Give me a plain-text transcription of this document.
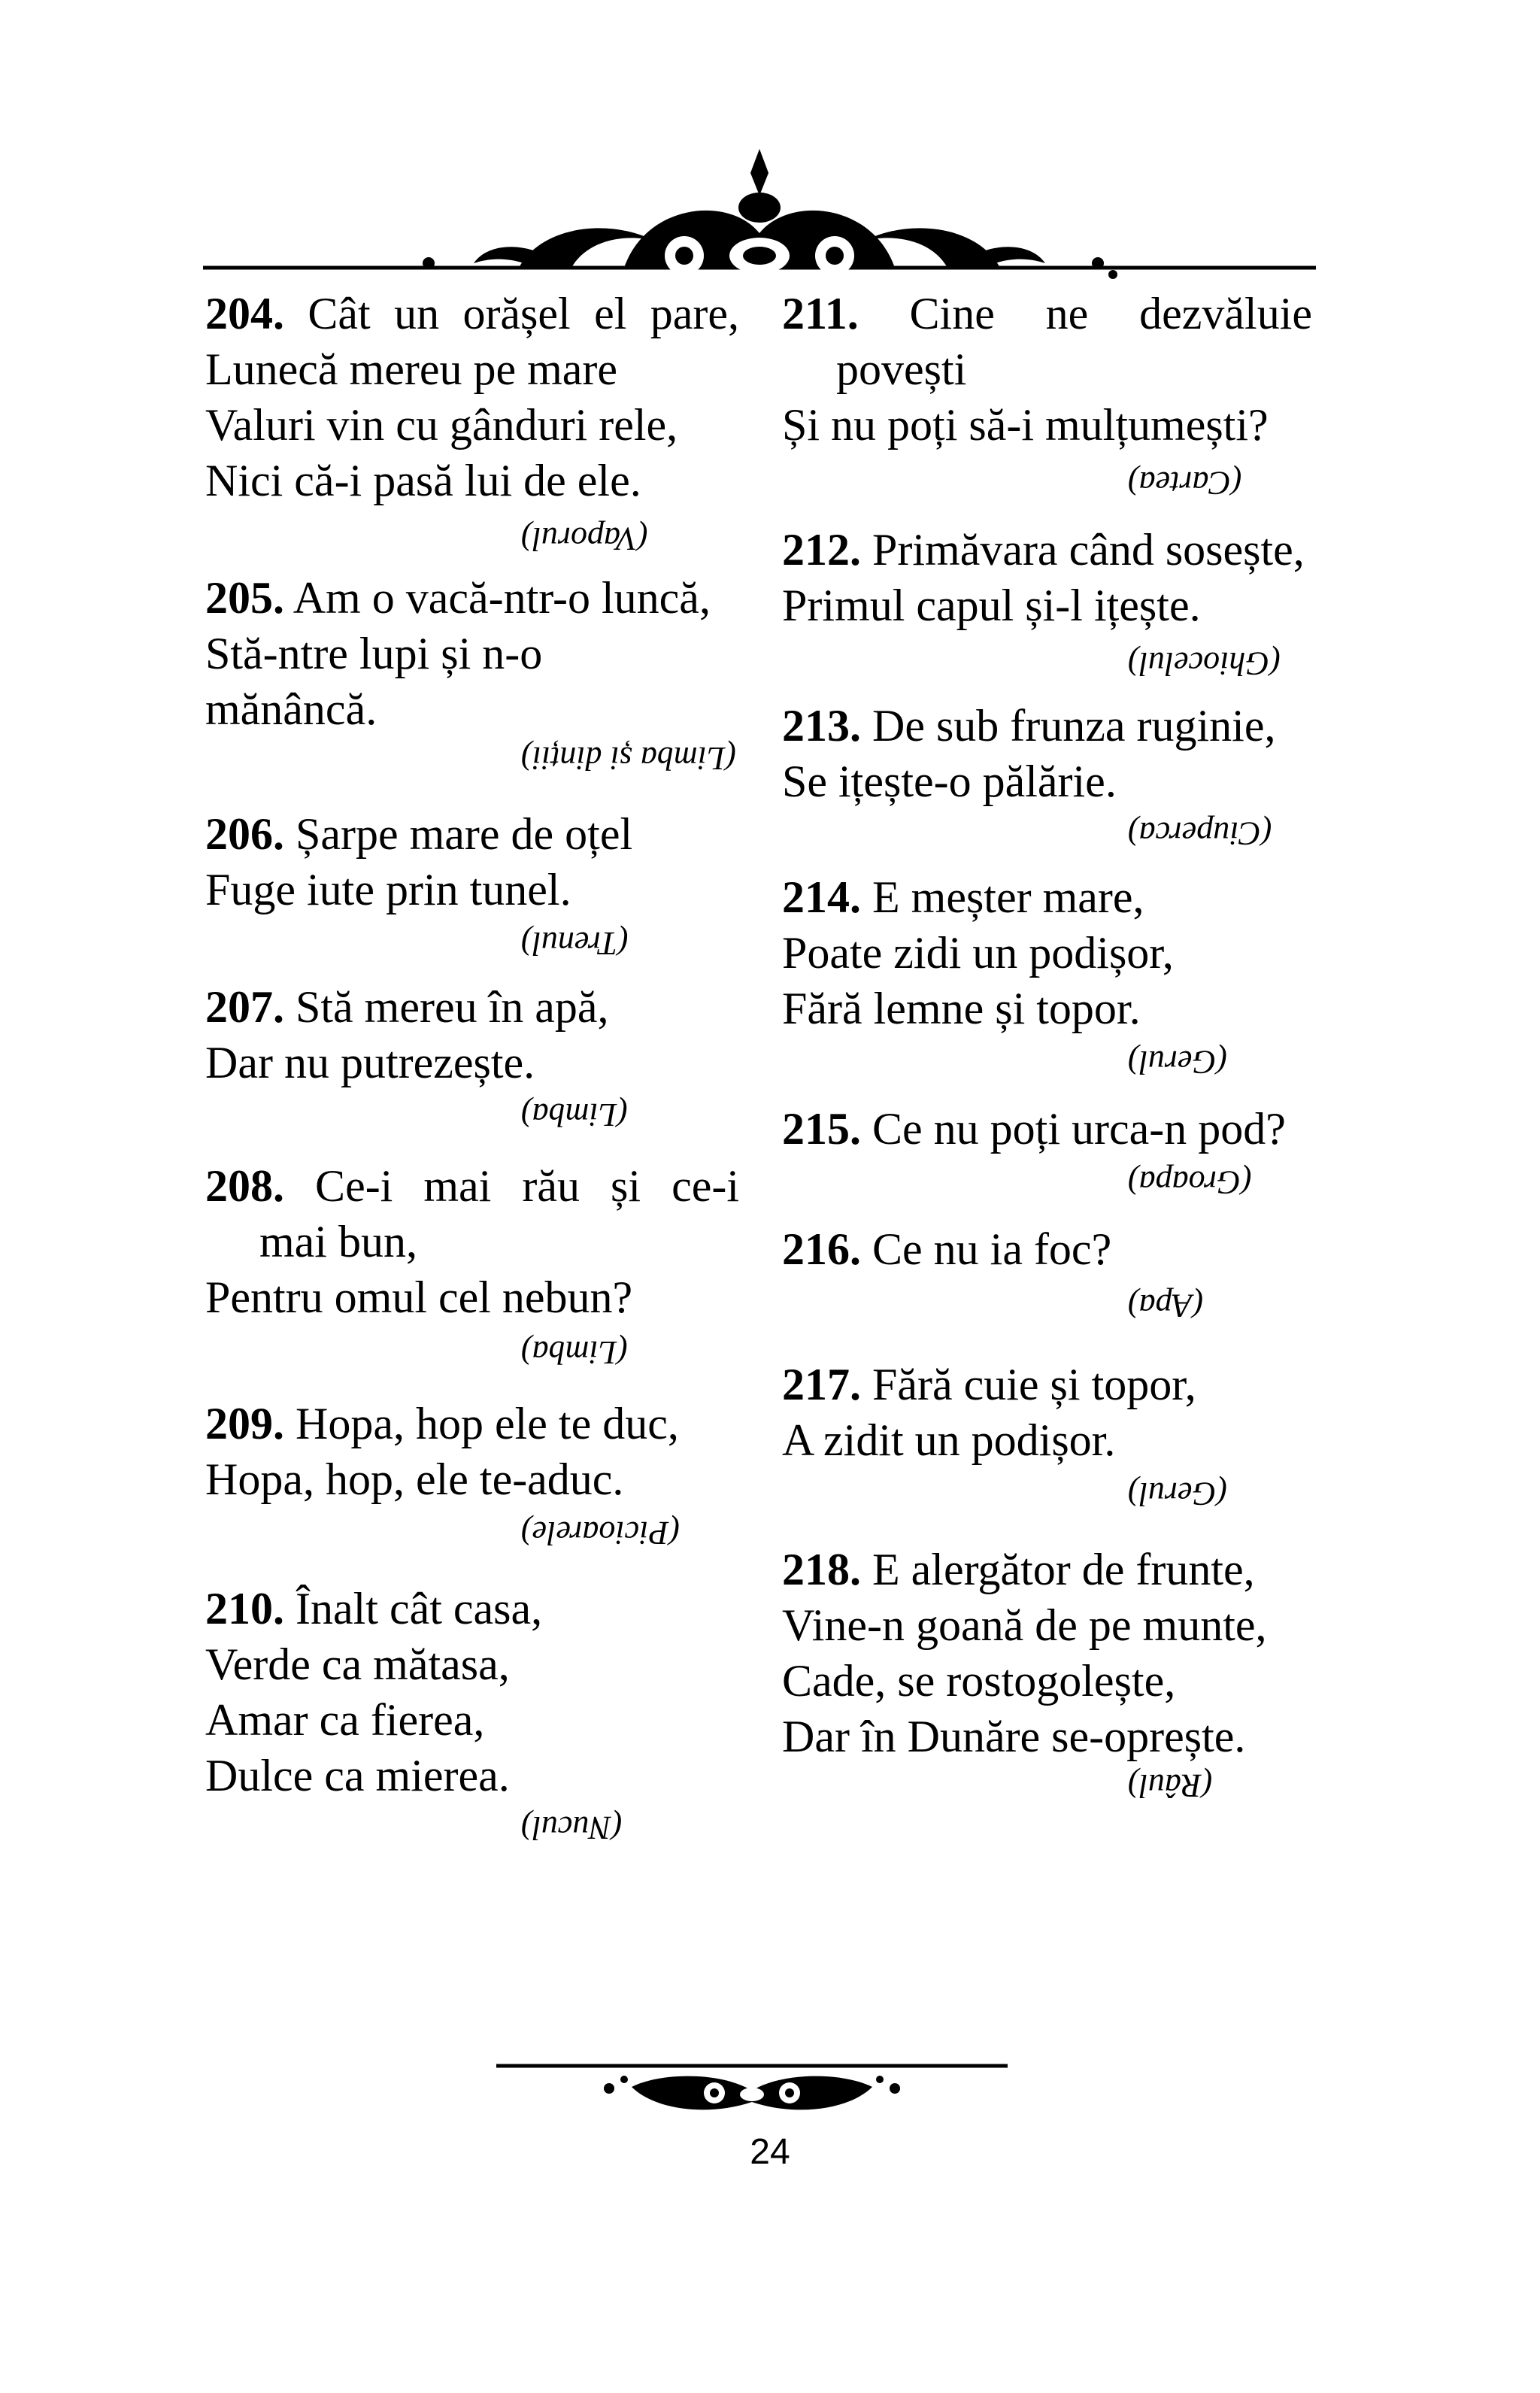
204. Cât un orășel el pare,
Lunecă mereu pe mare
Valuri vin cu gânduri rele,
Nici că-i pasă lui de ele.
(Vaporul)
205. Am o vacă-ntr-o luncă,
Stă-ntre lupi și n-o
mănâncă.
(Limba și dinții)
206. Șarpe mare de oțel
Fuge iute prin tunel.
(Trenul)
207. Stă mereu în apă,
Dar nu putrezește.
(Limba)
208. Ce-i mai rău și ce-i
mai bun,
Pentru omul cel nebun?
(Limba)
209. Hopa, hop ele te duc,
Hopa, hop, ele te-aduc.
(Picioarele)
210. Înalt cât casa,
Verde ca mătasa,
Amar ca fierea,
Dulce ca mierea.
(Nucul)
211. Cine ne dezvăluie
povești
Și nu poți să-i mulțumești?
(Cartea)
212. Primăvara când sosește,
Primul capul și-l ițește.
(Ghiocelul)
213. De sub frunza ruginie,
Se ițește-o pălărie.
(Ciuperca)
214. E meșter mare,
Poate zidi un podișor,
Fără lemne și topor.
(Gerul)
215. Ce nu poți urca-n pod?
(Groapa)
216. Ce nu ia foc?
(Apa)
217. Fără cuie și topor,
A zidit un podișor.
(Gerul)
218. E alergător de frunte,
Vine-n goană de pe munte,
Cade, se rostogolește,
Dar în Dunăre se-oprește.
(Râul)
24
